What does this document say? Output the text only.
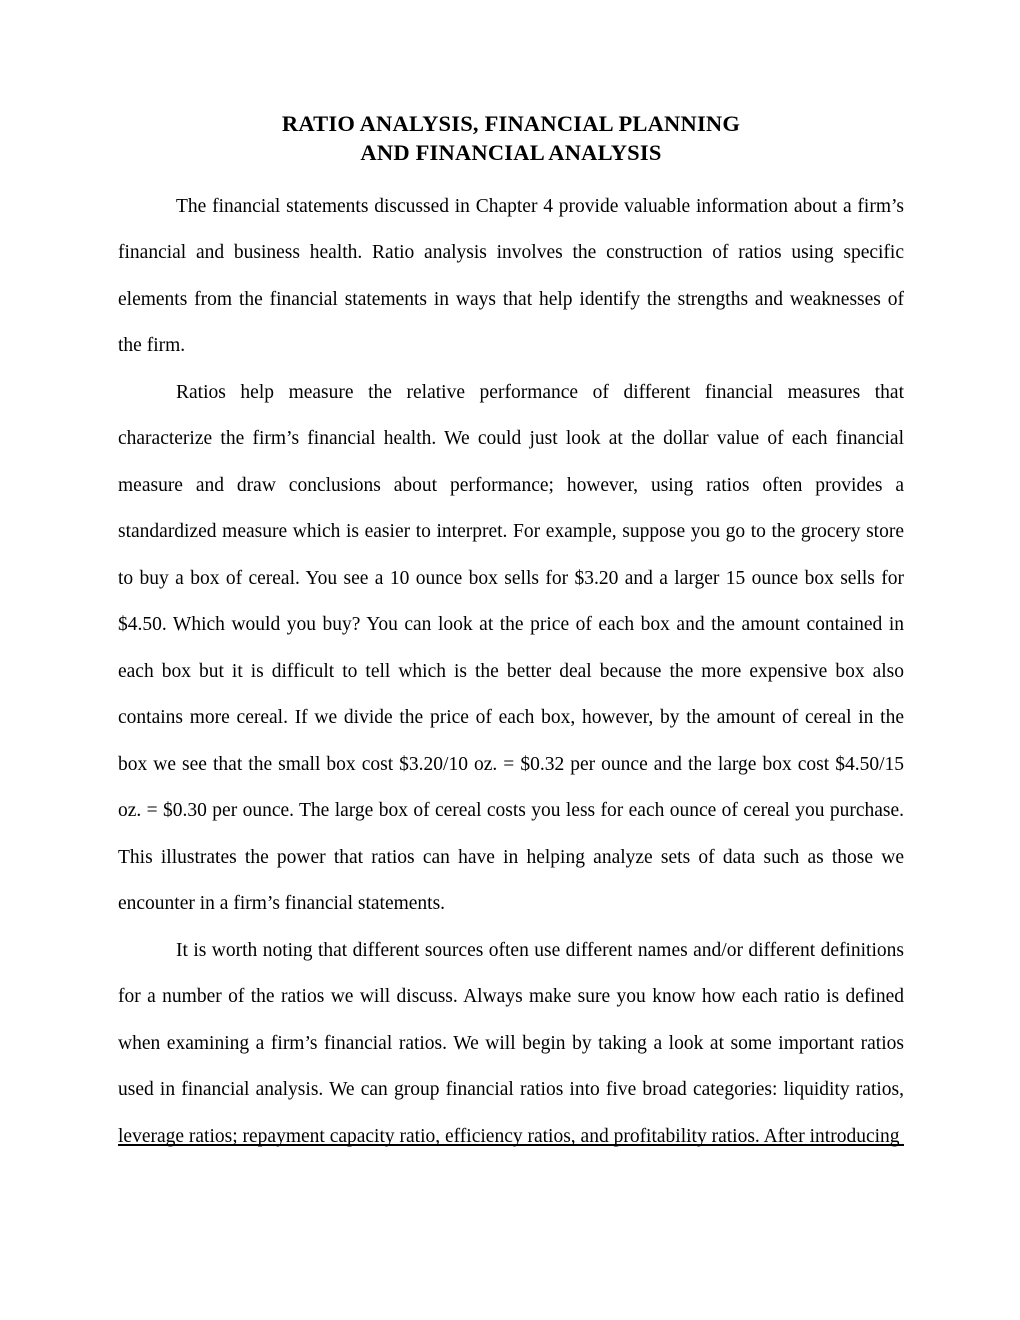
RATIO ANALYSIS, FINANCIAL PLANNING
AND FINANCIAL ANALYSIS

The financial statements discussed in Chapter 4 provide valuable information about a firm’s financial and business health. Ratio analysis involves the construction of ratios using specific elements from the financial statements in ways that help identify the strengths and weaknesses of the firm.

Ratios help measure the relative performance of different financial measures that characterize the firm’s financial health. We could just look at the dollar value of each financial measure and draw conclusions about performance; however, using ratios often provides a standardized measure which is easier to interpret. For example, suppose you go to the grocery store to buy a box of cereal. You see a 10 ounce box sells for $3.20 and a larger 15 ounce box sells for $4.50. Which would you buy? You can look at the price of each box and the amount contained in each box but it is difficult to tell which is the better deal because the more expensive box also contains more cereal. If we divide the price of each box, however, by the amount of cereal in the box we see that the small box cost $3.20/10 oz. = $0.32 per ounce and the large box cost $4.50/15 oz. = $0.30 per ounce. The large box of cereal costs you less for each ounce of cereal you purchase. This illustrates the power that ratios can have in helping analyze sets of data such as those we encounter in a firm’s financial statements.

It is worth noting that different sources often use different names and/or different definitions for a number of the ratios we will discuss. Always make sure you know how each ratio is defined when examining a firm’s financial ratios. We will begin by taking a look at some important ratios used in financial analysis. We can group financial ratios into five broad categories: liquidity ratios, leverage ratios; repayment capacity ratio, efficiency ratios, and profitability ratios. After introducing
